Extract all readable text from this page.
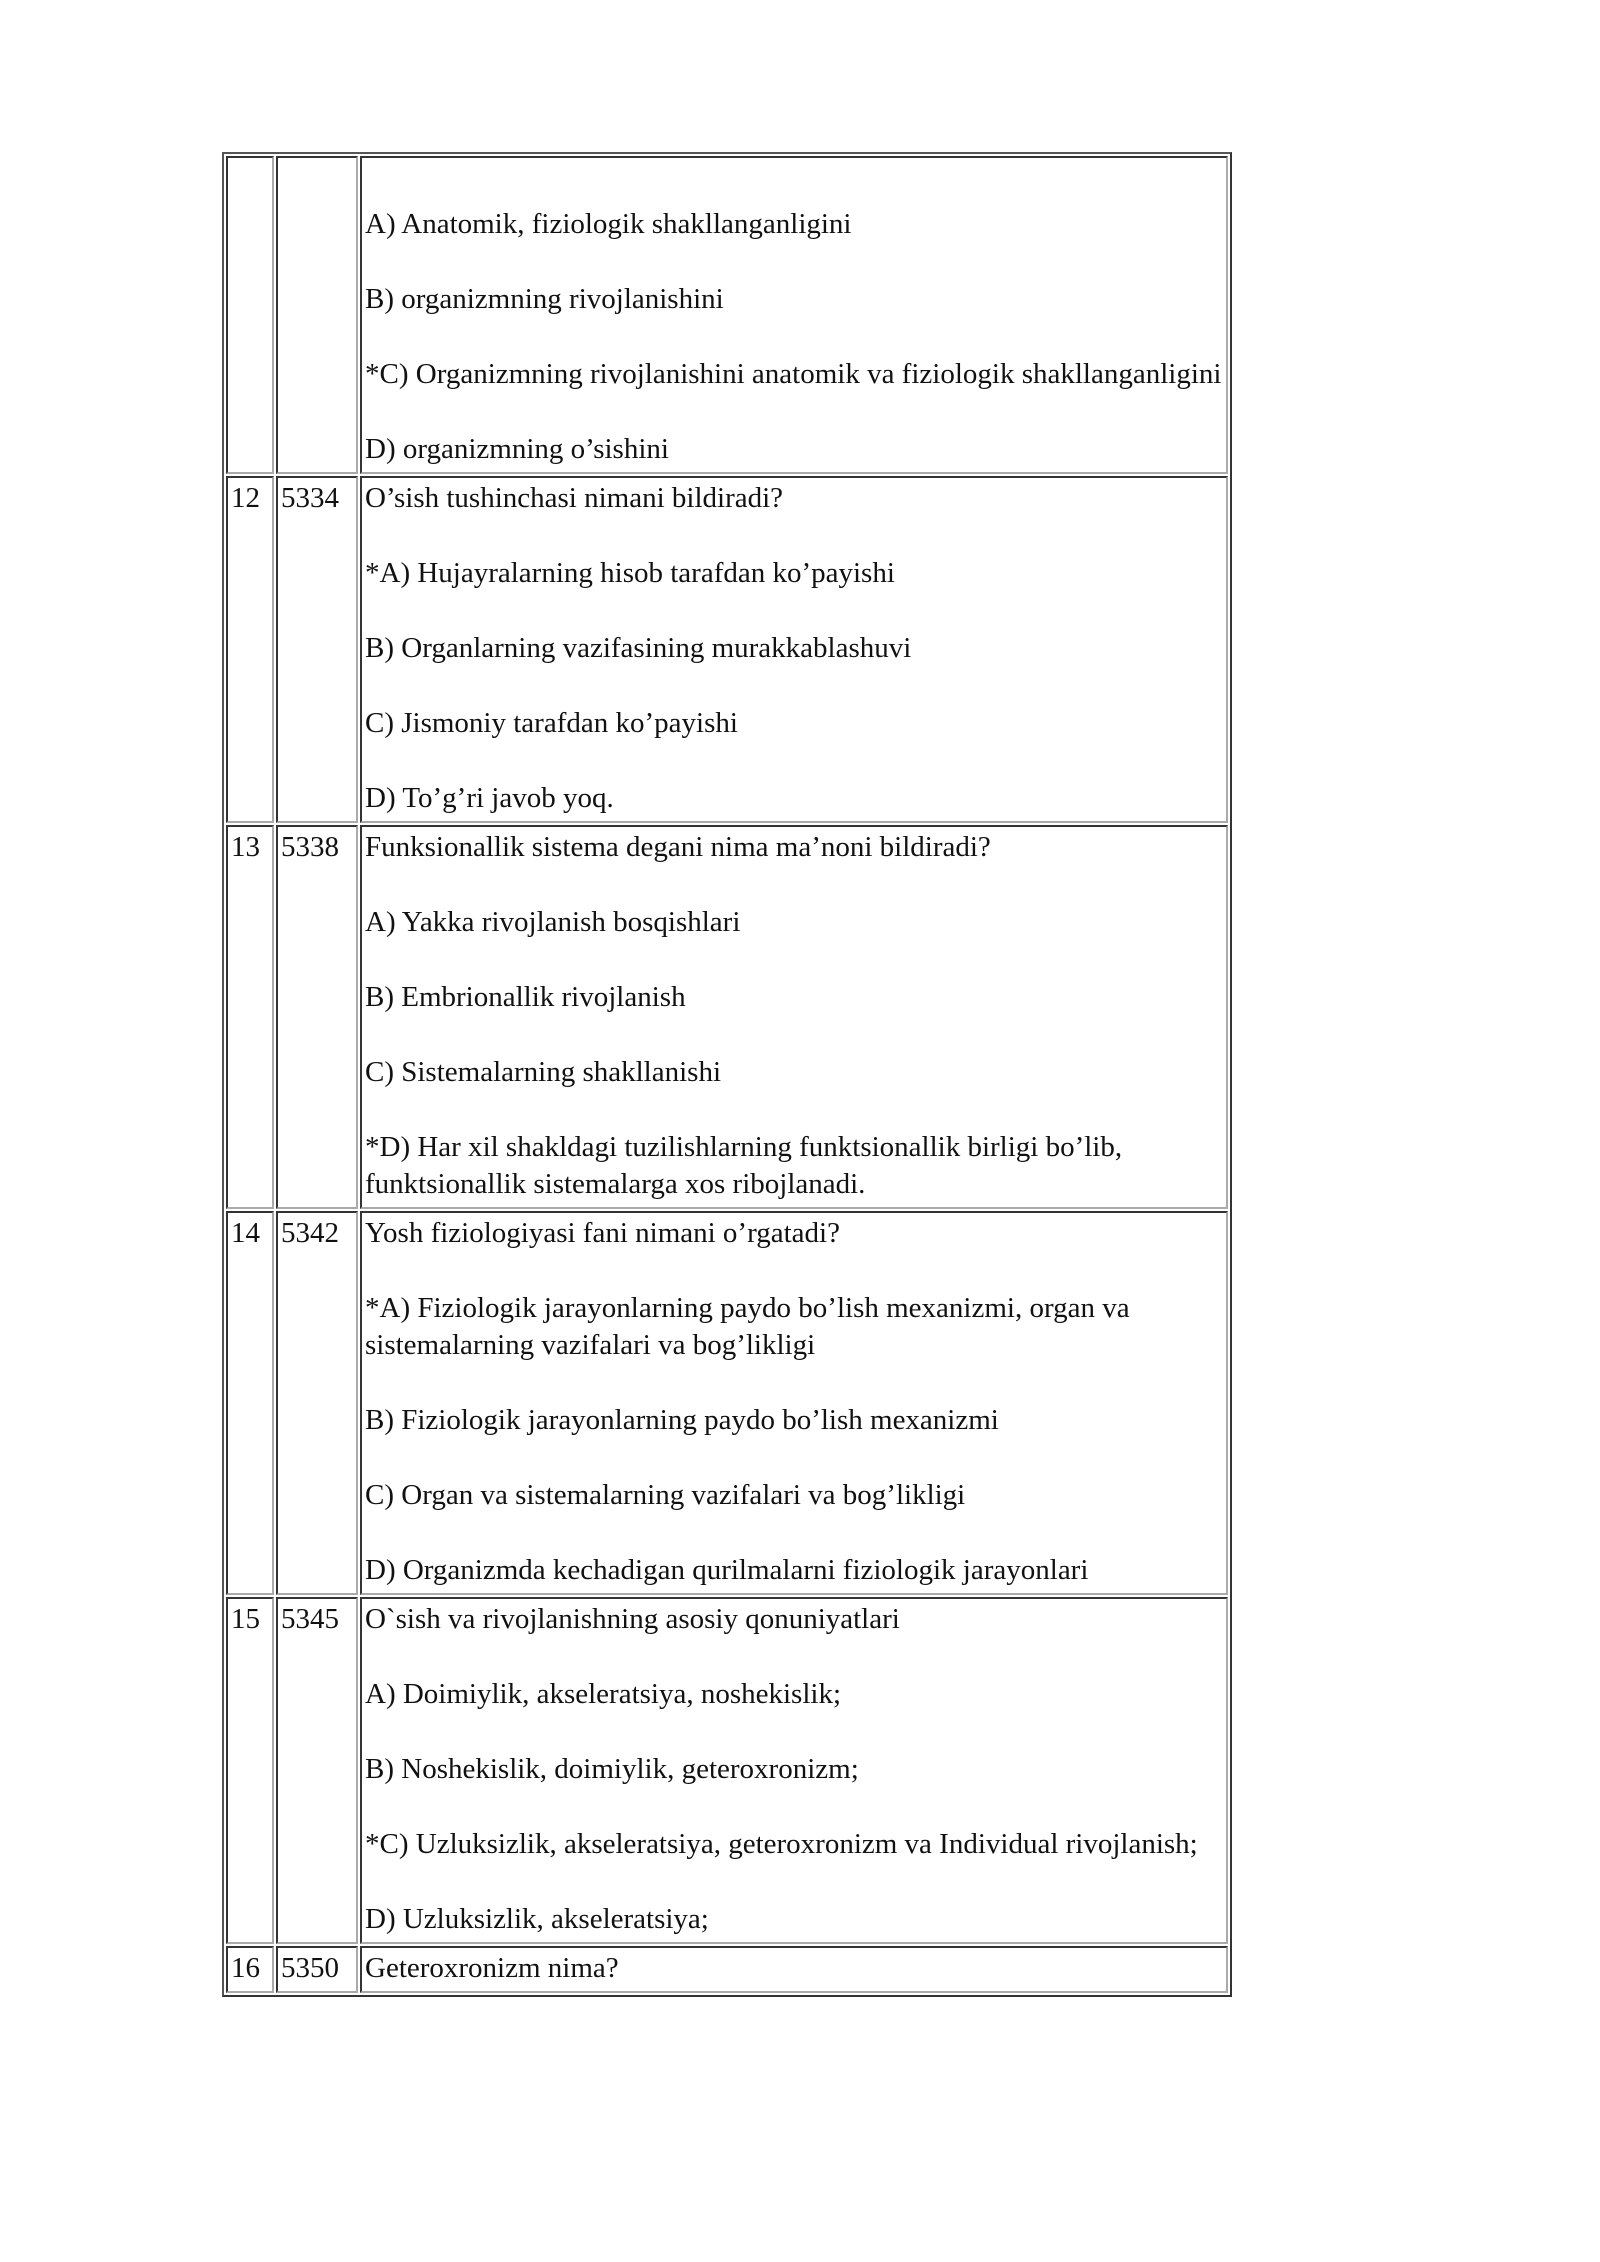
		A) Anatomik, fiziologik shakllanganligini
B) organizmning rivojlanishini
*C) Organizmning rivojlanishini anatomik va fiziologik shakllanganligini
D) organizmning o’sishini

12	5334	O’sish tushinchasi nimani bildiradi?
*A) Hujayralarning hisob tarafdan ko’payishi
B) Organlarning vazifasining murakkablashuvi
C) Jismoniy tarafdan ko’payishi
D) To’g’ri javob yoq.

13	5338	Funksionallik sistema degani nima ma’noni bildiradi?
A) Yakka rivojlanish bosqishlari
B) Embrionallik rivojlanish
C) Sistemalarning shakllanishi
*D) Har xil shakldagi tuzilishlarning funktsionallik birligi bo’lib, funktsionallik sistemalarga xos ribojlanadi.

14	5342	Yosh fiziologiyasi fani nimani o’rgatadi?
*A) Fiziologik jarayonlarning paydo bo’lish mexanizmi, organ va sistemalarning vazifalari va bog’likligi
B) Fiziologik jarayonlarning paydo bo’lish mexanizmi
C) Organ va sistemalarning vazifalari va bog’likligi
D) Organizmda kechadigan qurilmalarni fiziologik jarayonlari

15	5345	O`sish va rivojlanishning asosiy qonuniyatlari
A) Doimiylik, akseleratsiya, noshekislik;
B) Noshekislik, doimiylik, geteroxronizm;
*C) Uzluksizlik, akseleratsiya, geteroxronizm va Individual rivojlanish;
D) Uzluksizlik, akseleratsiya;

16	5350	Geteroxronizm nima?
